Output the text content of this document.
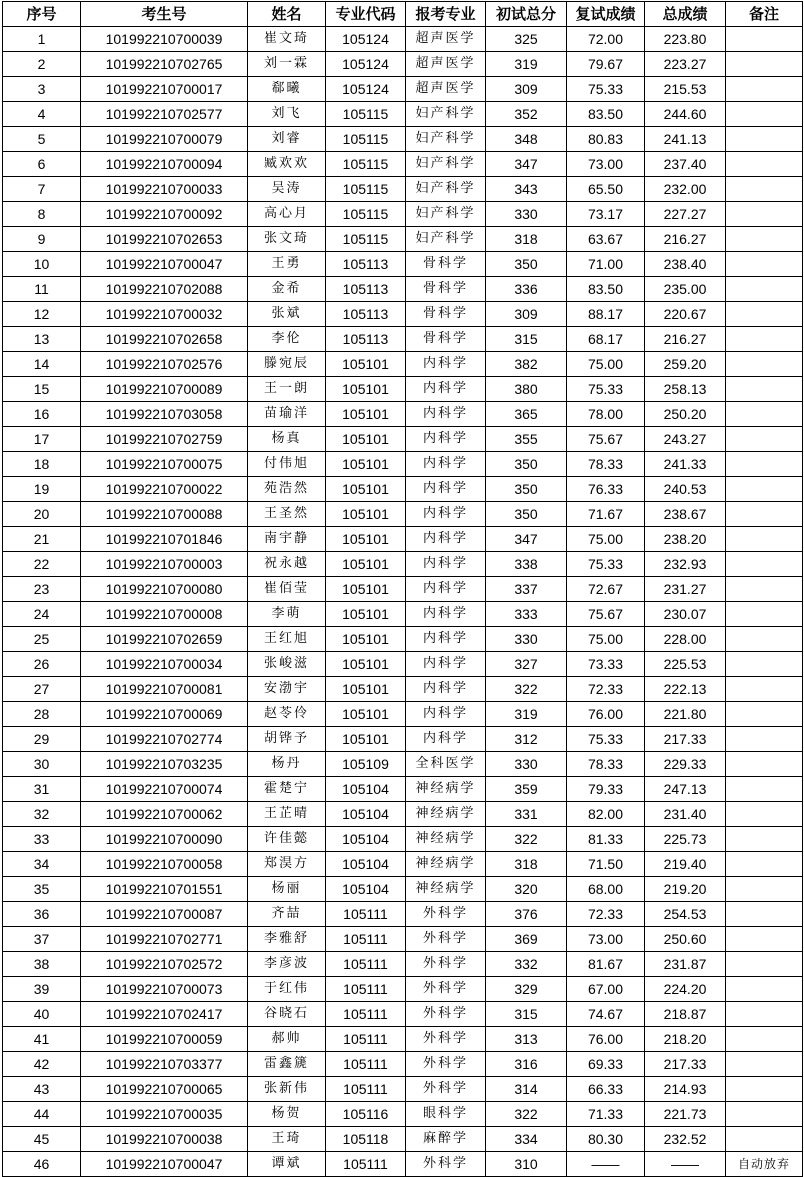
序号	考生号	姓名	专业代码	报考专业	初试总分	复试成绩	总成绩	备注
1	101992210700039	崔文琦	105124	超声医学	325	72.00	223.80	
2	101992210702765	刘一霖	105124	超声医学	319	79.67	223.27	
3	101992210700017	郗曦	105124	超声医学	309	75.33	215.53	
4	101992210702577	刘飞	105115	妇产科学	352	83.50	244.60	
5	101992210700079	刘睿	105115	妇产科学	348	80.83	241.13	
6	101992210700094	臧欢欢	105115	妇产科学	347	73.00	237.40	
7	101992210700033	吴涛	105115	妇产科学	343	65.50	232.00	
8	101992210700092	高心月	105115	妇产科学	330	73.17	227.27	
9	101992210702653	张文琦	105115	妇产科学	318	63.67	216.27	
10	101992210700047	王勇	105113	骨科学	350	71.00	238.40	
11	101992210702088	金希	105113	骨科学	336	83.50	235.00	
12	101992210700032	张斌	105113	骨科学	309	88.17	220.67	
13	101992210702658	李伦	105113	骨科学	315	68.17	216.27	
14	101992210702576	滕宛辰	105101	内科学	382	75.00	259.20	
15	101992210700089	王一朗	105101	内科学	380	75.33	258.13	
16	101992210703058	苗瑜洋	105101	内科学	365	78.00	250.20	
17	101992210702759	杨真	105101	内科学	355	75.67	243.27	
18	101992210700075	付伟旭	105101	内科学	350	78.33	241.33	
19	101992210700022	苑浩然	105101	内科学	350	76.33	240.53	
20	101992210700088	王圣然	105101	内科学	350	71.67	238.67	
21	101992210701846	南宇静	105101	内科学	347	75.00	238.20	
22	101992210700003	祝永越	105101	内科学	338	75.33	232.93	
23	101992210700080	崔佰莹	105101	内科学	337	72.67	231.27	
24	101992210700008	李萌	105101	内科学	333	75.67	230.07	
25	101992210702659	王红旭	105101	内科学	330	75.00	228.00	
26	101992210700034	张峻滋	105101	内科学	327	73.33	225.53	
27	101992210700081	安渤宇	105101	内科学	322	72.33	222.13	
28	101992210700069	赵苓伶	105101	内科学	319	76.00	221.80	
29	101992210702774	胡铧予	105101	内科学	312	75.33	217.33	
30	101992210703235	杨丹	105109	全科医学	330	78.33	229.33	
31	101992210700074	霍楚宁	105104	神经病学	359	79.33	247.13	
32	101992210700062	王芷晴	105104	神经病学	331	82.00	231.40	
33	101992210700090	许佳懿	105104	神经病学	322	81.33	225.73	
34	101992210700058	郑淏方	105104	神经病学	318	71.50	219.40	
35	101992210701551	杨丽	105104	神经病学	320	68.00	219.20	
36	101992210700087	齐喆	105111	外科学	376	72.33	254.53	
37	101992210702771	李雅舒	105111	外科学	369	73.00	250.60	
38	101992210702572	李彦波	105111	外科学	332	81.67	231.87	
39	101992210700073	于红伟	105111	外科学	329	67.00	224.20	
40	101992210702417	谷晓石	105111	外科学	315	74.67	218.87	
41	101992210700059	郝帅	105111	外科学	313	76.00	218.20	
42	101992210703377	雷鑫篪	105111	外科学	316	69.33	217.33	
43	101992210700065	张新伟	105111	外科学	314	66.33	214.93	
44	101992210700035	杨贺	105116	眼科学	322	71.33	221.73	
45	101992210700038	王琦	105118	麻醉学	334	80.30	232.52	
46	101992210700047	谭斌	105111	外科学	310	——	——	自动放弃
